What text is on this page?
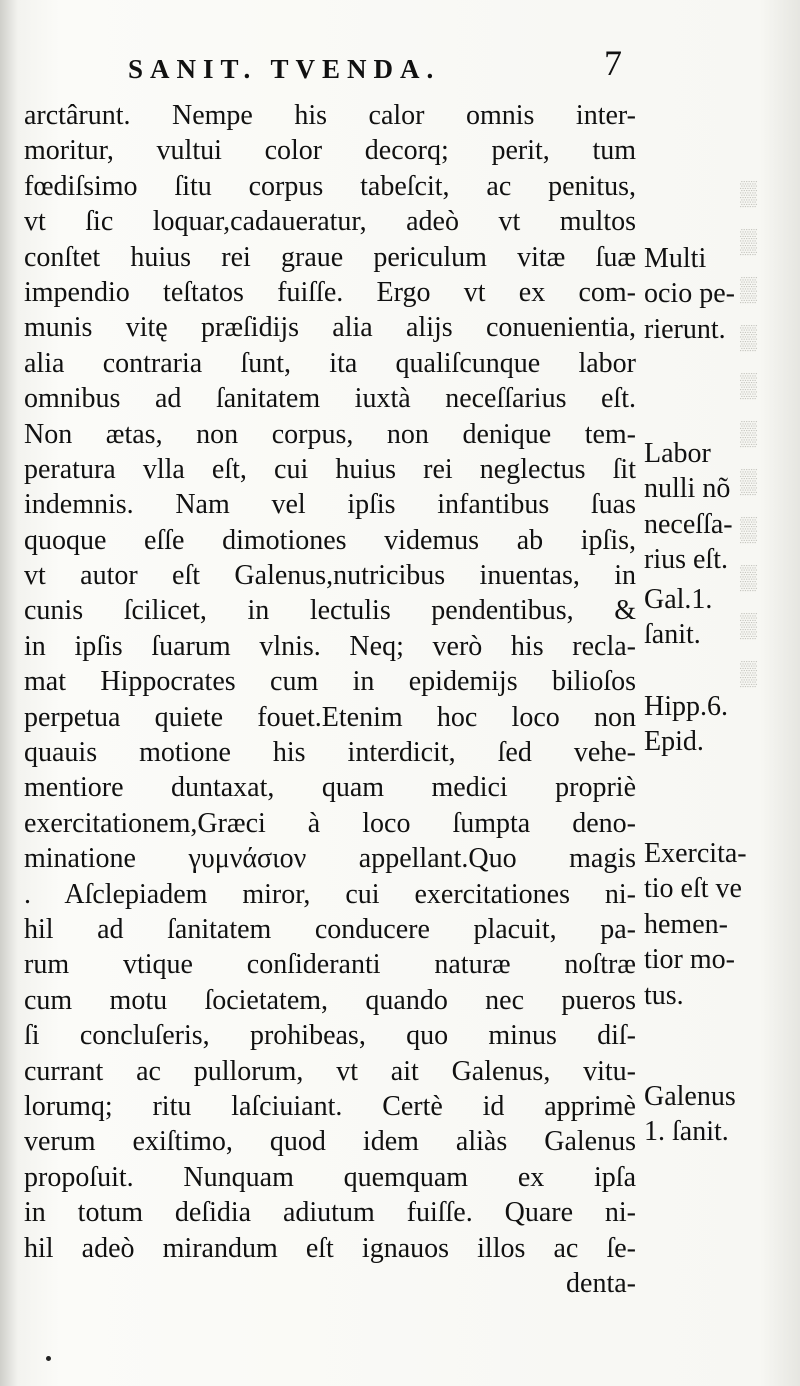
▒
▒
▒
▒
▒
▒
▒
▒
▒
▒
▒
SANIT. TVENDA.	7
arctârunt. Nempe his calor omnis inter-
moritur, vultui color decorq; perit, tum
fœdiſsimo ſitu corpus tabeſcit, ac penitus,
vt ſic loquar,cadaueratur, adeò vt multos
conſtet huius rei graue periculum vitæ ſuæ
impendio teſtatos fuiſſe. Ergo vt ex com-
munis vitę præſidijs alia alijs conuenientia,
alia contraria ſunt, ita qualiſcunque labor
omnibus ad ſanitatem iuxtà neceſſarius eſt.
Non ætas, non corpus, non denique tem-
peratura vlla eſt, cui huius rei neglectus ſit
indemnis. Nam vel ipſis infantibus ſuas
quoque eſſe dimotiones videmus ab ipſis,
vt autor eſt Galenus,nutricibus inuentas, in
cunis ſcilicet, in lectulis pendentibus, &
in ipſis ſuarum vlnis. Neq; verò his recla-
mat Hippocrates cum in epidemijs bilioſos
perpetua quiete fouet.Etenim hoc loco non
quauis motione his interdicit, ſed vehe-
mentiore duntaxat, quam medici propriè
exercitationem,Græci à loco ſumpta deno-
minatione γυμνάσιον appellant.Quo magis
. Aſclepiadem miror, cui exercitationes ni-
hil ad ſanitatem conducere placuit, pa-
rum vtique conſideranti naturæ noſtræ
cum motu ſocietatem, quando nec pueros
ſi concluſeris, prohibeas, quo minus diſ-
currant ac pullorum, vt ait Galenus, vitu-
lorumq; ritu laſciuiant. Certè id apprimè
verum exiſtimo, quod idem aliàs Galenus
propoſuit. Nunquam quemquam ex ipſa
in totum deſidia adiutum fuiſſe. Quare ni-
hil adeò mirandum eſt ignauos illos ac ſe-
denta-
Multi
ocio pe-
rierunt.
Labor
nulli nõ
neceſſa-
rius eſt.
Gal.1.
ſanit.
Hipp.6.
Epid.
Exercita-
tio eſt ve
hemen-
tior mo-
tus.
Galenus
1. ſanit.
